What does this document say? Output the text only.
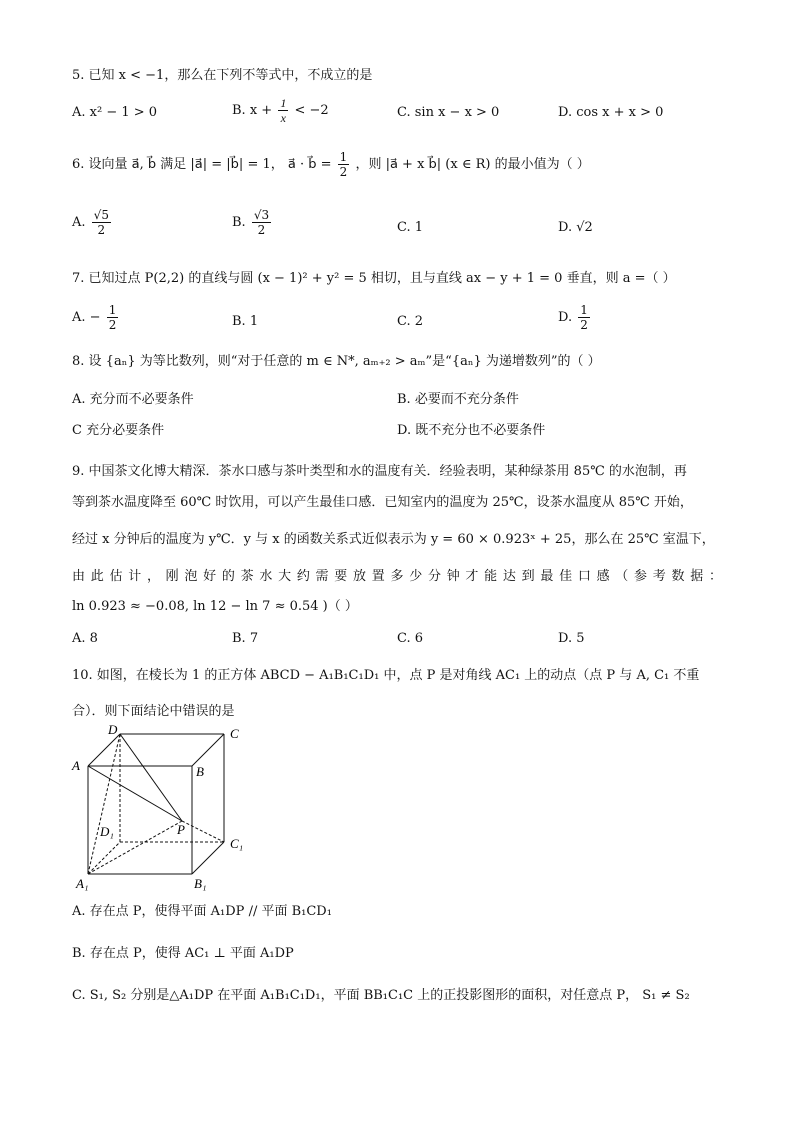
5. 已知 x < −1，那么在下列不等式中，不成立的是
A. x² − 1 > 0	B. $x + \frac{1}{x} < -2$	C. sin x − x > 0	D. cos x + x > 0
6. 设向量 a⃗, b⃗ 满足 |a⃗| = |b⃗| = 1， a⃗ · b⃗ = $\frac{1}{2}$ ，则 |a⃗ + x b⃗| (x ∈ R) 的最小值为（ ）
A. $\frac{√5}{2}$	B. $\frac{√3}{2}$	C. 1	D. √2
7. 已知过点 P(2,2) 的直线与圆 (x − 1)² + y² = 5 相切，且与直线 ax − y + 1 = 0 垂直，则 a =（ ）
A. − $\frac{1}{2}$	B. 1	C. 2	D. $\frac{1}{2}$
8. 设 {aₙ} 为等比数列，则“对于任意的 m ∈ N*, aₘ₊₂ > aₘ”是“{aₙ} 为递增数列”的（ ）
A. 充分而不必要条件	B. 必要而不充分条件
C 充分必要条件	D. 既不充分也不必要条件
9. 中国茶文化博大精深．茶水口感与茶叶类型和水的温度有关．经验表明，某种绿茶用 85℃ 的水泡制，再
等到茶水温度降至 60℃ 时饮用，可以产生最佳口感．已知室内的温度为 25℃，设茶水温度从 85℃ 开始，
经过 x 分钟后的温度为 y℃．y 与 x 的函数关系式近似表示为 y = 60 × 0.923ˣ + 25，那么在 25℃ 室温下，
由此估计，刚泡好的茶水大约需要放置多少分钟才能达到最佳口感（参考数据：
ln 0.923 ≈ −0.08, ln 12 − ln 7 ≈ 0.54 )（ ）
A. 8	B. 7	C. 6	D. 5
10. 如图，在棱长为 1 的正方体 ABCD − A₁B₁C₁D₁ 中，点 P 是对角线 AC₁ 上的动点（点 P 与 A, C₁ 不重
合）．则下面结论中错误的是
D	C
A	B
D₁	P
C₁
A₁	B₁
A. 存在点 P，使得平面 A₁DP // 平面 B₁CD₁
B. 存在点 P，使得 AC₁ ⊥ 平面 A₁DP
C. S₁, S₂ 分别是△A₁DP 在平面 A₁B₁C₁D₁，平面 BB₁C₁C 上的正投影图形的面积，对任意点 P， S₁ ≠ S₂
